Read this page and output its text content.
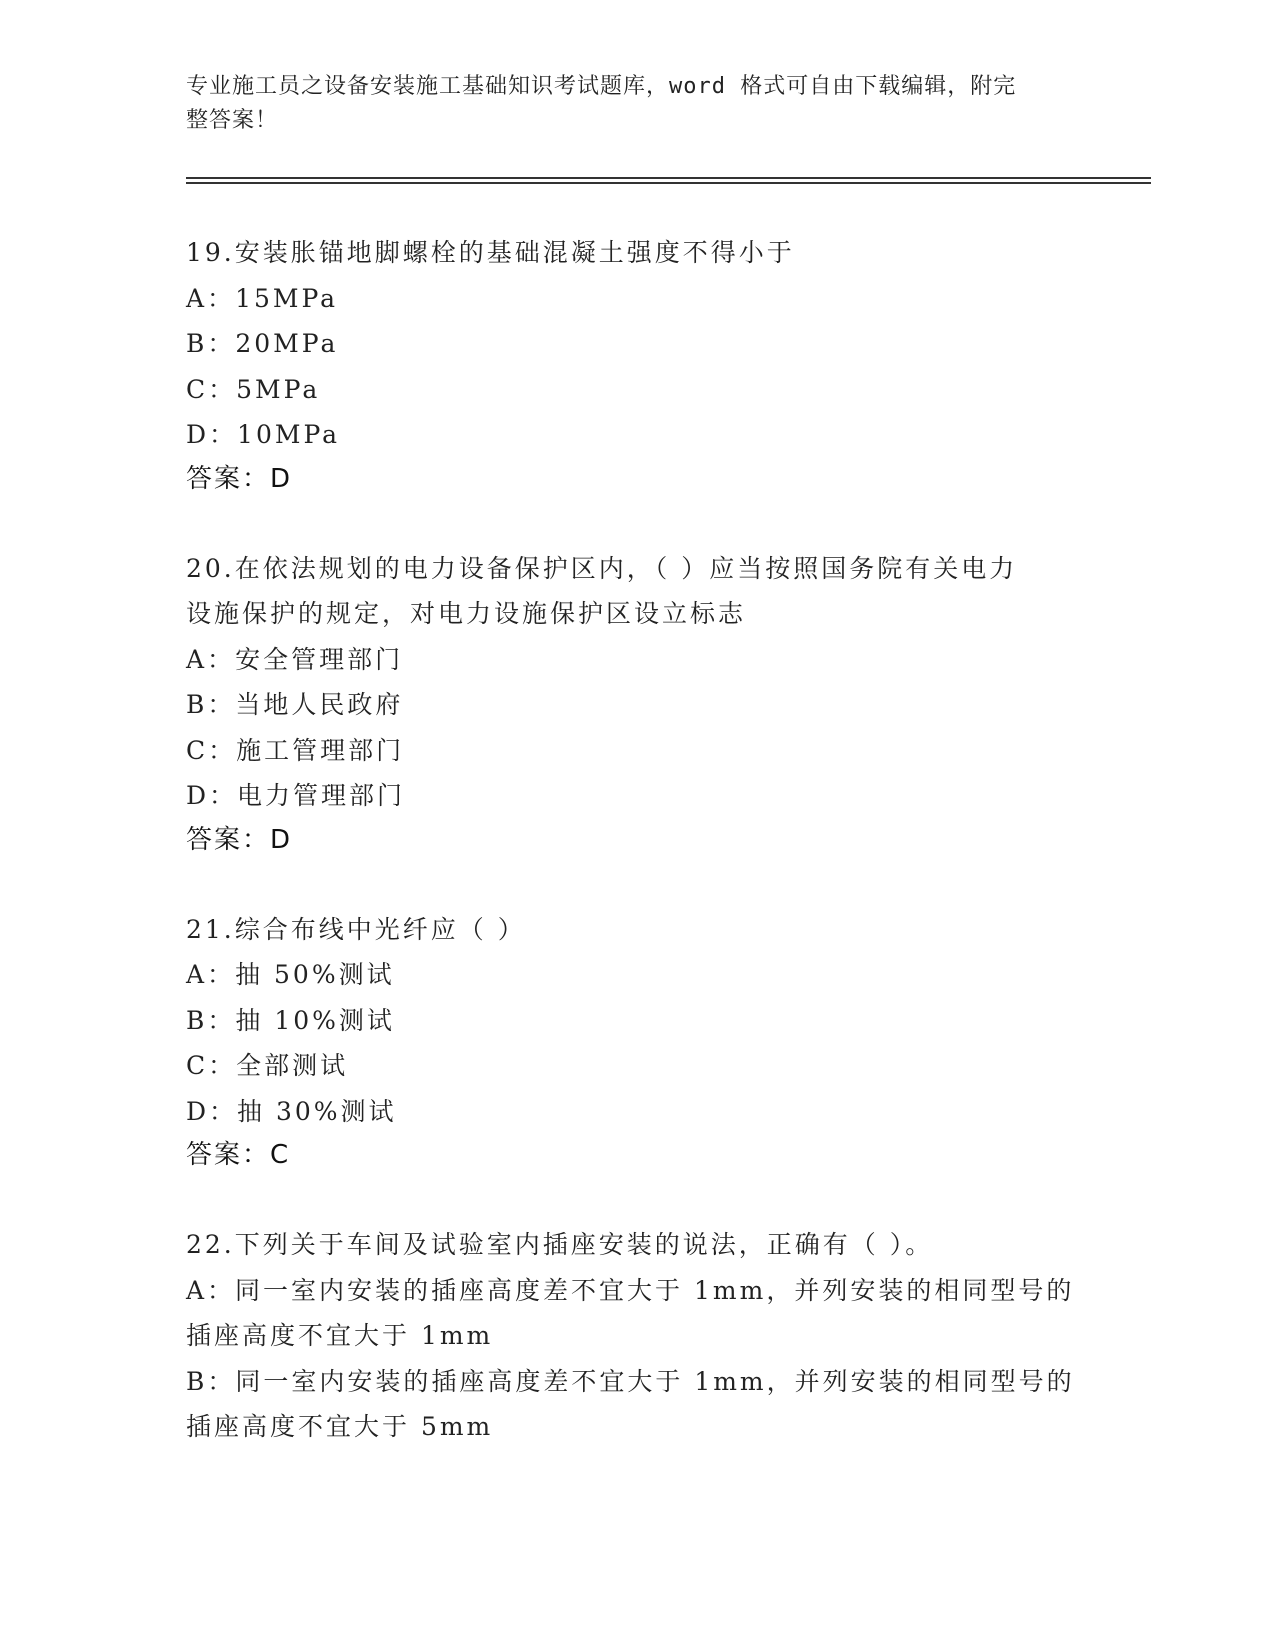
专业施工员之设备安装施工基础知识考试题库，word 格式可自由下载编辑，附完
整答案！
19.安装胀锚地脚螺栓的基础混凝土强度不得小于
A：15MPa
B：20MPa
C：5MPa
D：10MPa
答案：D
20.在依法规划的电力设备保护区内，（ ）应当按照国务院有关电力
设施保护的规定，对电力设施保护区设立标志
A：安全管理部门
B：当地人民政府
C：施工管理部门
D：电力管理部门
答案：D
21.综合布线中光纤应（ ）
A：抽 50%测试
B：抽 10%测试
C：全部测试
D：抽 30%测试
答案：C
22.下列关于车间及试验室内插座安装的说法，正确有（ ）。
A：同一室内安装的插座高度差不宜大于 1mm，并列安装的相同型号的
插座高度不宜大于 1mm
B：同一室内安装的插座高度差不宜大于 1mm，并列安装的相同型号的
插座高度不宜大于 5mm
